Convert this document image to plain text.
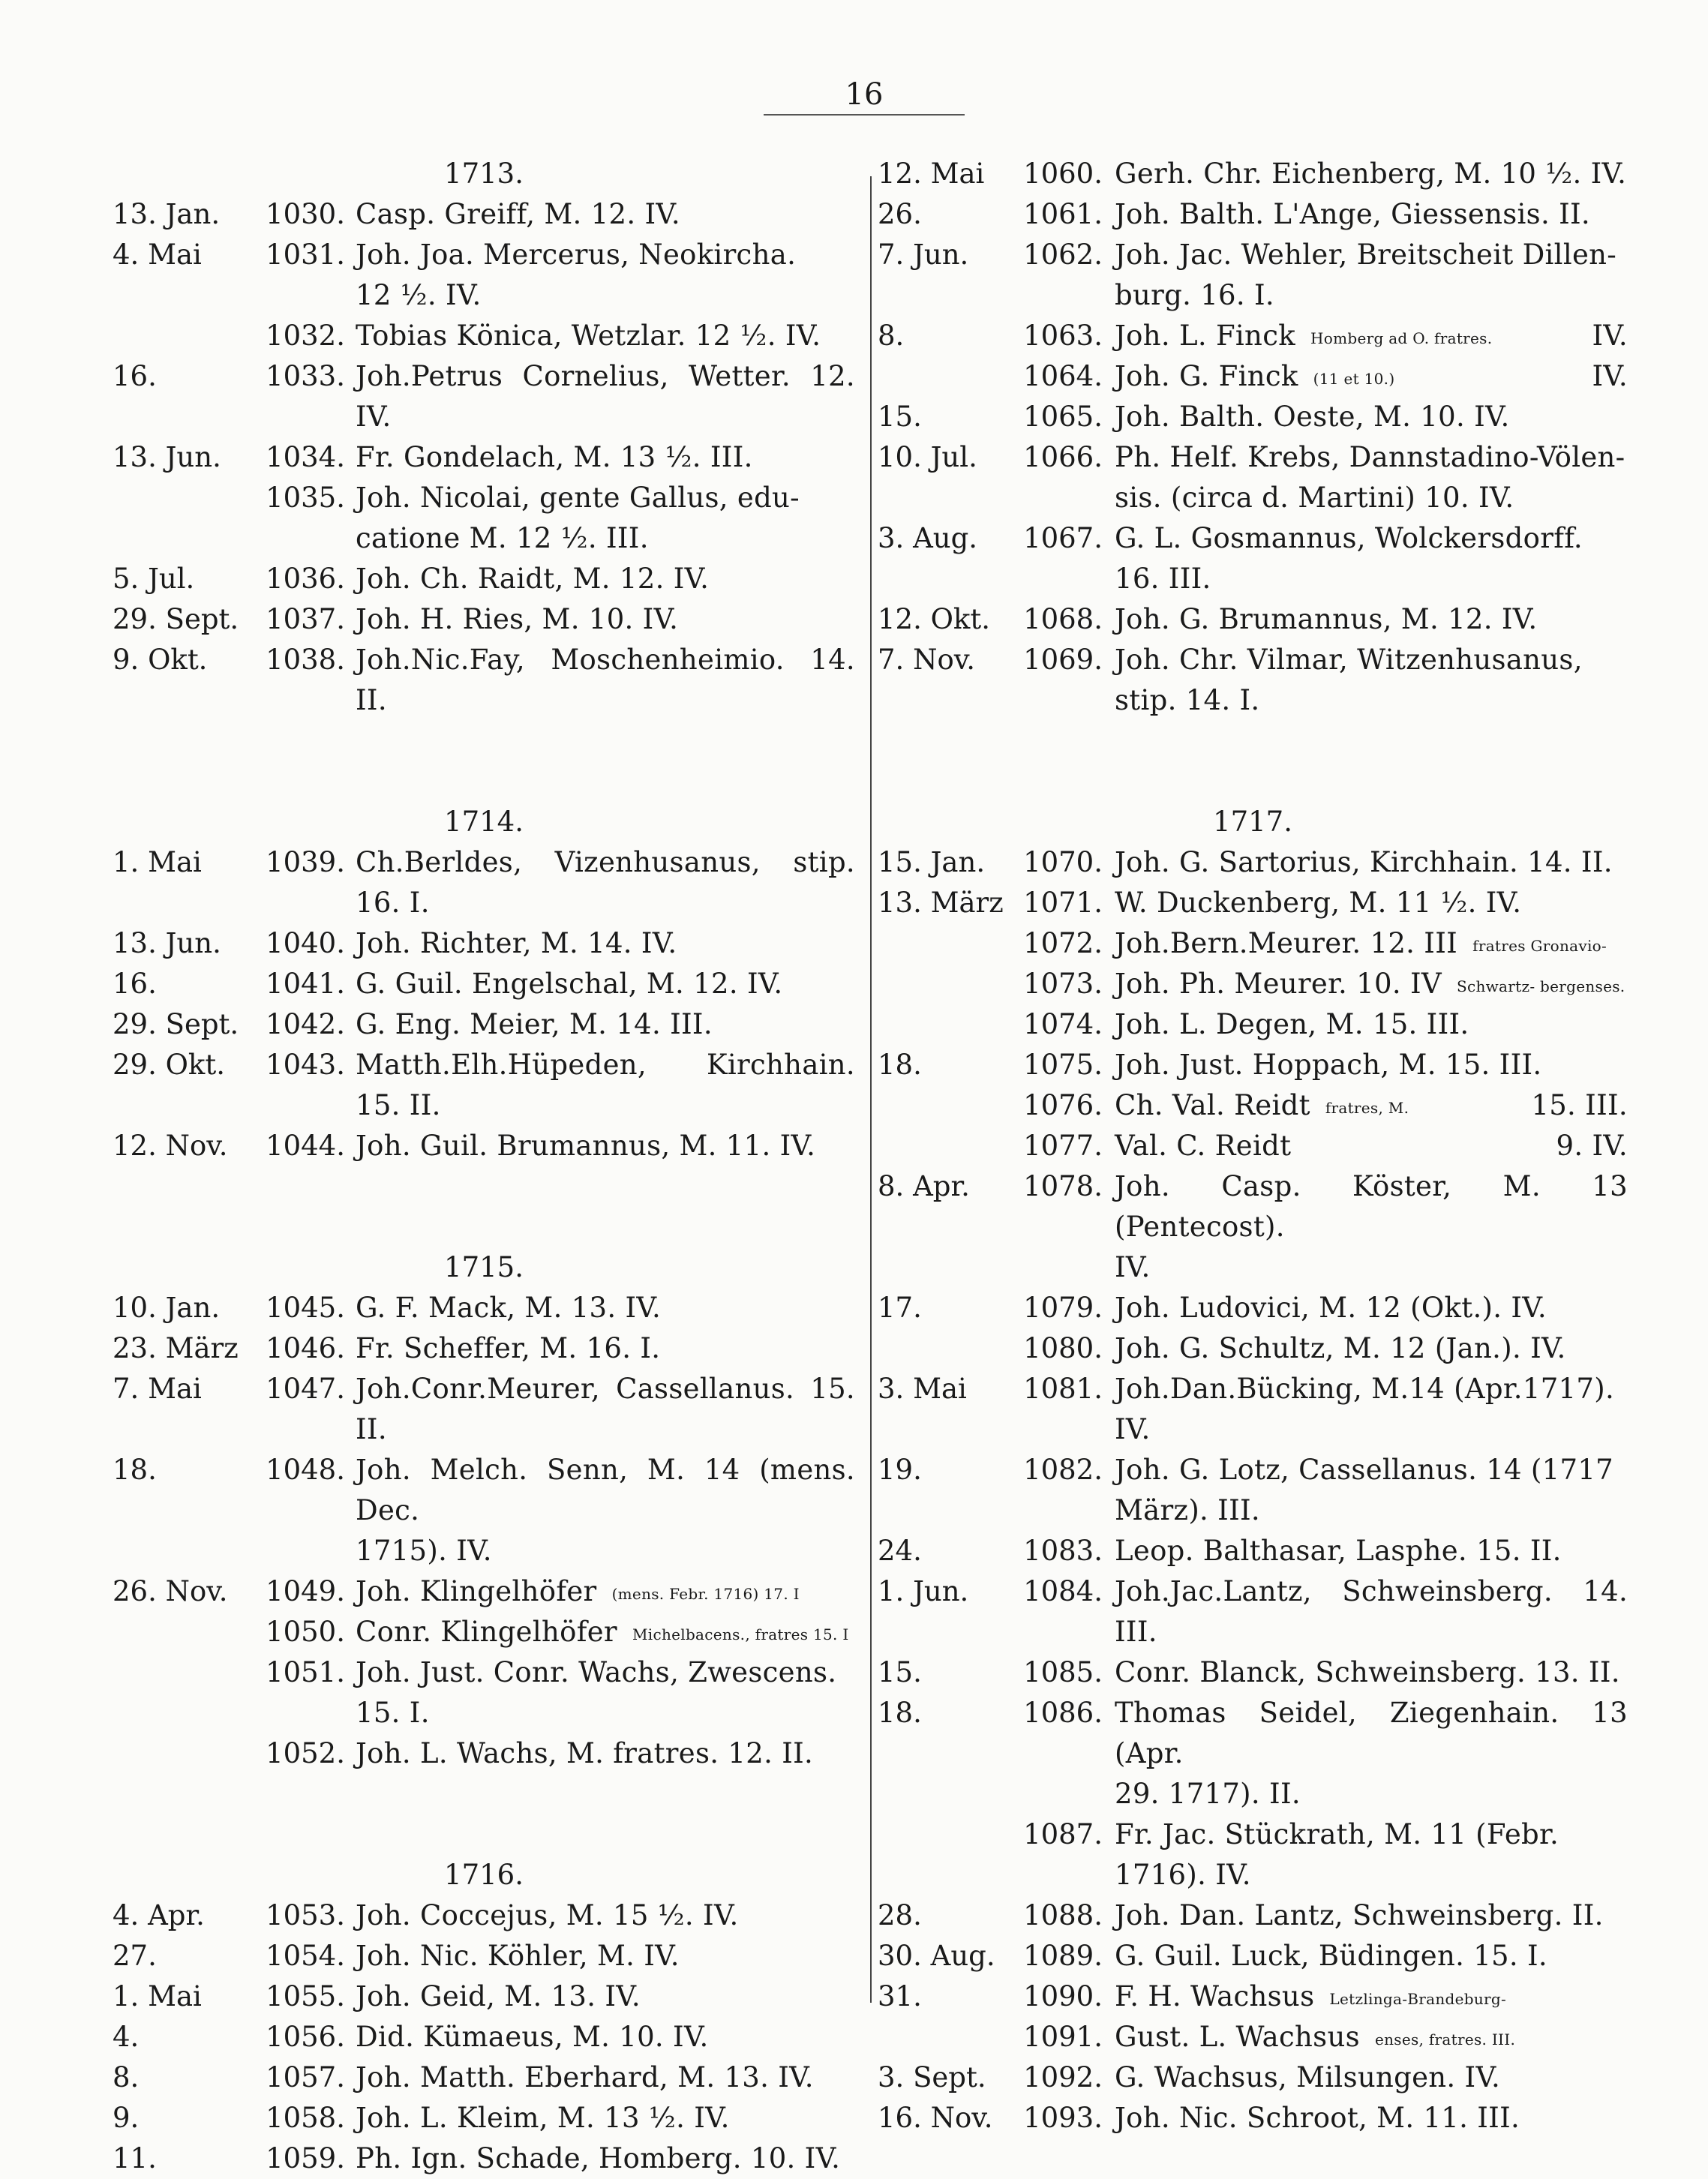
16
1713.
13. Jan.	1030. Casp. Greiff, M. 12. IV.
4. Mai	1031. Joh. Joa. Mercerus, Neokircha.
12 ½. IV.
1032. Tobias Könica, Wetzlar. 12 ½. IV.
16.	1033. Joh.Petrus Cornelius, Wetter. 12. IV.
13. Jun.	1034. Fr. Gondelach, M. 13 ½. III.
1035. Joh. Nicolai, gente Gallus, edu-
catione M. 12 ½. III.
5. Jul.	1036. Joh. Ch. Raidt, M. 12. IV.
29. Sept. 1037. Joh. H. Ries, M. 10. IV.
9. Okt.	1038. Joh.Nic.Fay, Moschenheimio. 14. II.
1714.
1. Mai	1039. Ch.Berldes, Vizenhusanus, stip. 16. I.
13. Jun.	1040. Joh. Richter, M. 14. IV.
16.	1041. G. Guil. Engelschal, M. 12. IV.
29. Sept. 1042. G. Eng. Meier, M. 14. III.
29. Okt.	1043. Matth.Elh.Hüpeden, Kirchhain. 15. II.
12. Nov.	1044. Joh. Guil. Brumannus, M. 11. IV.
1715.
10. Jan.	1045. G. F. Mack, M. 13. IV.
23. März 1046. Fr. Scheffer, M. 16. I.
7. Mai	1047. Joh.Conr.Meurer, Cassellanus. 15. II.
18.	1048. Joh. Melch. Senn, M. 14 (mens. Dec.
1715). IV.
26. Nov.	1049. Joh. Klingelhöfer (mens. Febr. 1716) 17. I
1050. Conr. Klingelhöfer Michelbacens., fratres 15. I
1051. Joh. Just. Conr. Wachs, Zwescens.
15. I.
1052. Joh. L. Wachs, M. fratres. 12. II.
1716.
4. Apr.	1053. Joh. Coccejus, M. 15 ½. IV.
27.	1054. Joh. Nic. Köhler, M. IV.
1. Mai	1055. Joh. Geid, M. 13. IV.
4.	1056. Did. Kümaeus, M. 10. IV.
8.	1057. Joh. Matth. Eberhard, M. 13. IV.
9.	1058. Joh. L. Kleim, M. 13 ½. IV.
11.	1059. Ph. Ign. Schade, Homberg. 10. IV.
12. Mai	1060. Gerh. Chr. Eichenberg, M. 10 ½. IV.
26.	1061. Joh. Balth. L'Ange, Giessensis. II.
7. Jun.	1062. Joh. Jac. Wehler, Breitscheit Dillen-
burg. 16. I.
8.	1063. Joh. L. Finck Homberg ad O. fratres.	IV.
1064. Joh. G. Finck (11 et 10.)	IV.
15.	1065. Joh. Balth. Oeste, M. 10. IV.
10. Jul.	1066. Ph. Helf. Krebs, Dannstadino-Völen-
sis. (circa d. Martini) 10. IV.
3. Aug.	1067. G. L. Gosmannus, Wolckersdorff.
16. III.
12. Okt.	1068. Joh. G. Brumannus, M. 12. IV.
7. Nov.	1069. Joh. Chr. Vilmar, Witzenhusanus,
stip. 14. I.
1717.
15. Jan.	1070. Joh. G. Sartorius, Kirchhain. 14. II.
13. März 1071. W. Duckenberg, M. 11 ½. IV.
1072. Joh.Bern.Meurer. 12. III fratres Gronavio-
1073. Joh. Ph. Meurer. 10. IV Schwartz- bergenses.
1074. Joh. L. Degen, M. 15. III.
18.	1075. Joh. Just. Hoppach, M. 15. III.
1076. Ch. Val. Reidt fratres, M.	15. III.
1077. Val. C. Reidt	9. IV.
8. Apr.	1078. Joh. Casp. Köster, M. 13 (Pentecost).
IV.
17.	1079. Joh. Ludovici, M. 12 (Okt.). IV.
1080. Joh. G. Schultz, M. 12 (Jan.). IV.
3. Mai	1081. Joh.Dan.Bücking, M.14 (Apr.1717).
IV.
19.	1082. Joh. G. Lotz, Cassellanus. 14 (1717
März). III.
24.	1083. Leop. Balthasar, Lasphe. 15. II.
1. Jun.	1084. Joh.Jac.Lantz, Schweinsberg. 14. III.
15.	1085. Conr. Blanck, Schweinsberg. 13. II.
18.	1086. Thomas Seidel, Ziegenhain. 13 (Apr.
29. 1717). II.
1087. Fr. Jac. Stückrath, M. 11 (Febr.
1716). IV.
28.	1088. Joh. Dan. Lantz, Schweinsberg. II.
30. Aug.	1089. G. Guil. Luck, Büdingen. 15. I.
31.	1090. F. H. Wachsus Letzlinga-Brandeburg-
1091. Gust. L. Wachsus enses, fratres. III.
3. Sept.	1092. G. Wachsus, Milsungen. IV.
16. Nov.	1093. Joh. Nic. Schroot, M. 11. III.
